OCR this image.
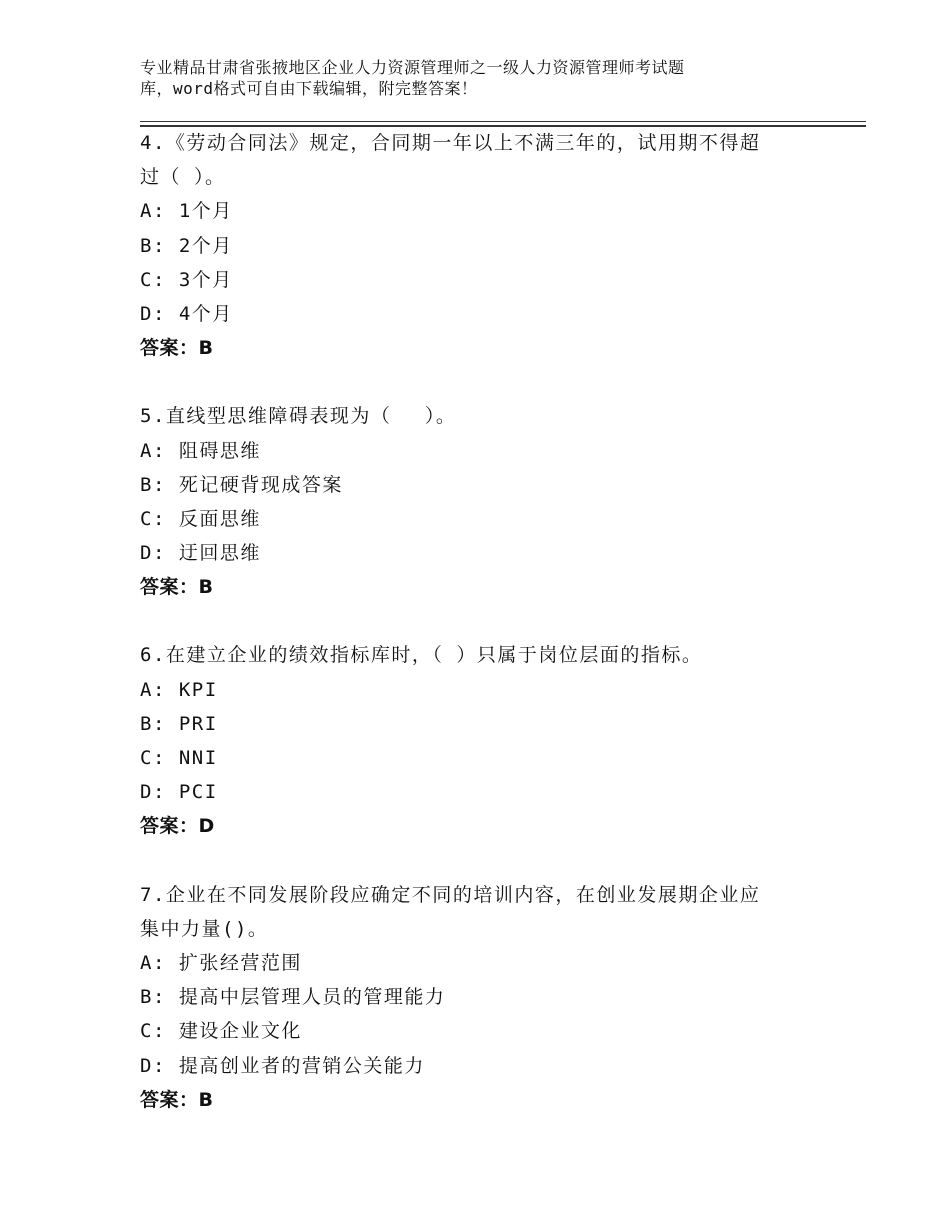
专业精品甘肃省张掖地区企业人力资源管理师之一级人力资源管理师考试题
库，word格式可自由下载编辑，附完整答案！
4.《劳动合同法》规定，合同期一年以上不满三年的，试用期不得超
过（ ）。
A: 1个月
B: 2个月
C: 3个月
D: 4个月
答案：B
5.直线型思维障碍表现为（　 ）。
A: 阻碍思维
B: 死记硬背现成答案
C: 反面思维
D: 迂回思维
答案：B
6.在建立企业的绩效指标库时，（ ）只属于岗位层面的指标。
A: KPI
B: PRI
C: NNI
D: PCI
答案：D
7.企业在不同发展阶段应确定不同的培训内容，在创业发展期企业应
集中力量()。
A: 扩张经营范围
B: 提高中层管理人员的管理能力
C: 建设企业文化
D: 提高创业者的营销公关能力
答案：B
